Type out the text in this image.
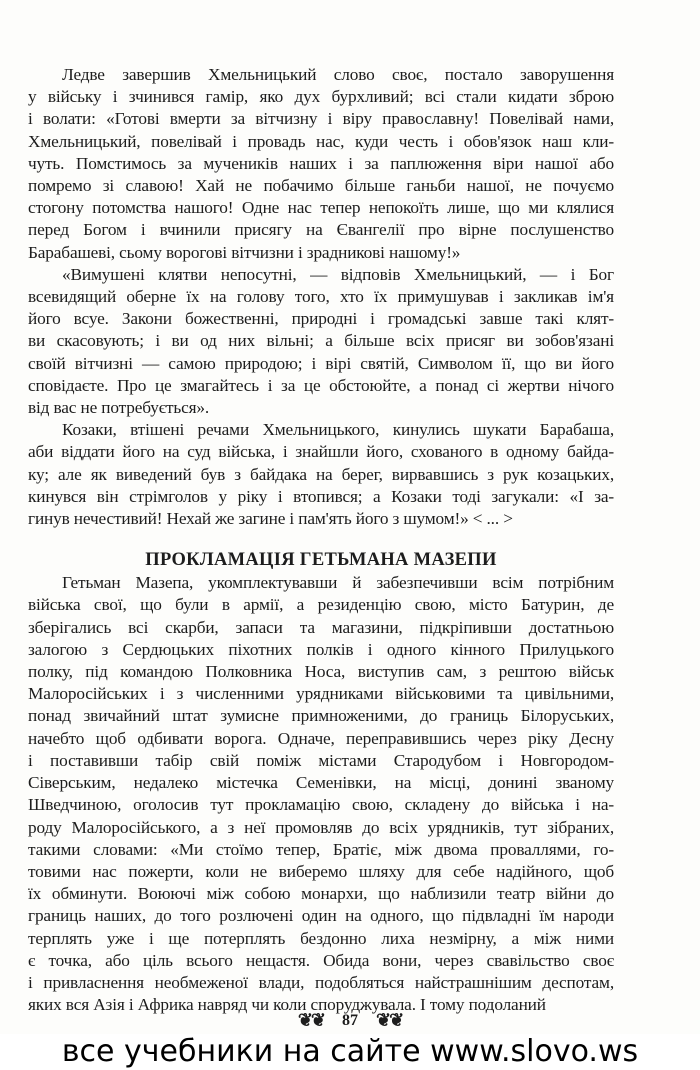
Ледве завершив Хмельницький слово своє, постало заворушення
у війську і зчинився гамір, яко дух бурхливий; всі стали кидати зброю
і волати: «Готові вмерти за вітчизну і віру православну! Повелівай нами,
Хмельницький, повелівай і провадь нас, куди честь і обов'язок наш кли-
чуть. Помстимось за мучеників наших і за паплюження віри нашої або
помремо зі славою! Хай не побачимо більше ганьби нашої, не почуємо
стогону потомства нашого! Одне нас тепер непокоїть лише, що ми клялися
перед Богом і вчинили присягу на Євангелії про вірне послушенство
Барабашеві, сьому ворогові вітчизни і зрадникові нашому!»

«Вимушені клятви непосутні, — відповів Хмельницький, — і Бог
всевидящий оберне їх на голову того, хто їх примушував і закликав ім'я
його всуе. Закони божественні, природні і громадські завше такі клят-
ви скасовують; і ви од них вільні; а більше всіх присяг ви зобов'язані
своїй вітчизні — самою природою; і вірі святій, Символом її, що ви його
сповідаєте. Про це змагайтесь і за це обстоюйте, а понад сі жертви нічого
від вас не потребується».

Козаки, втішені речами Хмельницького, кинулись шукати Барабаша,
аби віддати його на суд війська, і знайшли його, схованого в одному байда-
ку; але як виведений був з байдака на берег, вирвавшись з рук козацьких,
кинувся він стрімголов у ріку і втопився; а Козаки тоді загукали: «І за-
гинув нечестивий! Нехай же загине і пам'ять його з шумом!» < ... >

ПРОКЛАМАЦІЯ ГЕТЬМАНА МАЗЕПИ

Гетьман Мазепа, укомплектувавши й забезпечивши всім потрібним
війська свої, що були в армії, а резиденцію свою, місто Батурин, де
зберігались всі скарби, запаси та магазини, підкріпивши достатньою
залогою з Сердюцьких піхотних полків і одного кінного Прилуцького
полку, під командою Полковника Носа, виступив сам, з рештою військ
Малоросійських і з численними урядниками військовими та цивільними,
понад звичайний штат зумисне примноженими, до границь Білоруських,
начебто щоб одбивати ворога. Одначе, переправившись через ріку Десну
і поставивши табір свій поміж містами Стародубом і Новгородом-
Сіверським, недалеко містечка Семенівки, на місці, донині званому
Шведчиною, оголосив тут прокламацію свою, складену до війська і на-
роду Малоросійського, а з неї промовляв до всіх урядників, тут зібраних,
такими словами: «Ми стоїмо тепер, Братіє, між двома проваллями, го-
товими нас пожерти, коли не виберемо шляху для себе надійного, щоб
їх обминути. Воюючі між собою монархи, що наблизили театр війни до
границь наших, до того розлючені один на одного, що підвладні їм народи
терплять уже і ще потерплять бездонно лиха незмірну, а між ними
є точка, або ціль всього нещастя. Обида вони, через свавільство своє
і привласнення необмеженої влади, подобляться найстрашнішим деспотам,
яких вся Азія і Африка навряд чи коли споруджувала. І тому подоланий

❦❦ 87 ❦❦
все учебники на сайте www.slovo.ws
